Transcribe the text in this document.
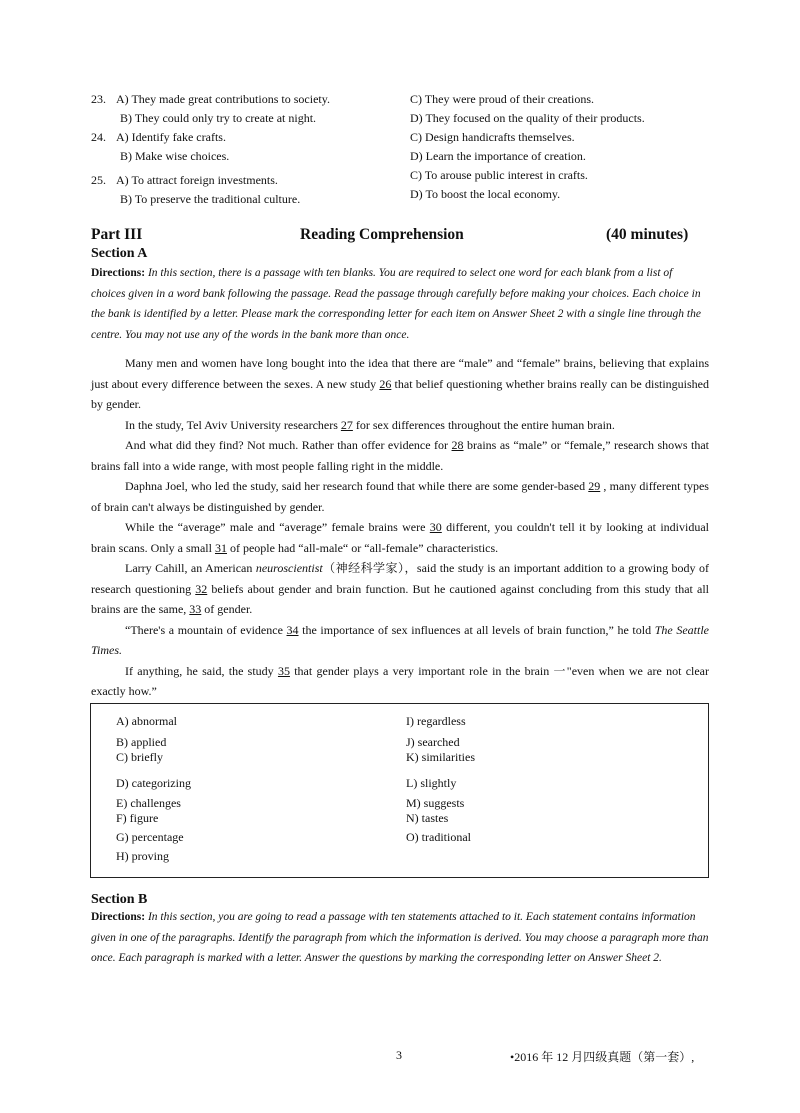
23. A) They made great contributions to society.
B) They could only try to create at night.
C) They were proud of their creations.
D) They focused on the quality of their products.
24. A) Identify fake crafts.
B) Make wise choices.
C) Design handicrafts themselves.
D) Learn the importance of creation.
25. A) To attract foreign investments.
B) To preserve the traditional culture.
C) To arouse public interest in crafts.
D) To boost the local economy.
Part III	Reading Comprehension	(40 minutes)
Section A
Directions: In this section, there is a passage with ten blanks. You are required to select one word for each blank from a list of choices given in a word bank following the passage. Read the passage through carefully before making your choices. Each choice in the bank is identified by a letter. Please mark the corresponding letter for each item on Answer Sheet 2 with a single line through the centre. You may not use any of the words in the bank more than once.
Many men and women have long bought into the idea that there are “male” and “female” brains, believing that explains just about every difference between the sexes. A new study 26 that belief questioning whether brains really can be distinguished by gender.
In the study, Tel Aviv University researchers 27 for sex differences throughout the entire human brain.
And what did they find? Not much. Rather than offer evidence for 28 brains as “male” or “female,” research shows that brains fall into a wide range, with most people falling right in the middle.
Daphna Joel, who led the study, said her research found that while there are some gender-based 29 , many different types of brain can't always be distinguished by gender.
While the “average” male and “average” female brains were 30 different, you couldn't tell it by looking at individual brain scans. Only a small 31 of people had “all-male“ or “all-female” characteristics.
Larry Cahill, an American neuroscientist（神经科学家），said the study is an important addition to a growing body of research questioning 32 beliefs about gender and brain function. But he cautioned against concluding from this study that all brains are the same, 33 of gender.
“There's a mountain of evidence 34 the importance of sex influences at all levels of brain function,” he told The Seattle Times.
If anything, he said, the study 35 that gender plays a very important role in the brain 一"even when we are not clear exactly how.”
A) abnormal
B) applied
C) briefly
D) categorizing
E) challenges
F) figure
G) percentage
H) proving
I) regardless
J) searched
K) similarities
L) slightly
M) suggests
N) tastes
O) traditional
Section B
Directions: In this section, you are going to read a passage with ten statements attached to it. Each statement contains information given in one of the paragraphs. Identify the paragraph from which the information is derived. You may choose a paragraph more than once. Each paragraph is marked with a letter. Answer the questions by marking the corresponding letter on Answer Sheet 2.
3	•2016 年 12 月四级真题（第一套）,
